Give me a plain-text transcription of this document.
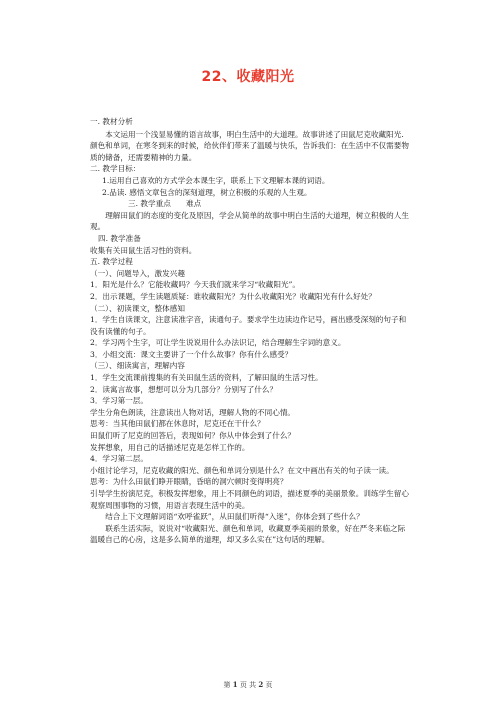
22、收藏阳光

一. 教材分析

本文运用一个浅显易懂的语言故事，明白生活中的大道理。故事讲述了田鼠尼克收藏阳光. 颜色和单词，在寒冬到来的时候，给伙伴们带来了温暖与快乐，告诉我们：在生活中不仅需要物质的储备，还需要精神的力量。

二. 教学目标：

1.运用自己喜欢的方式学会本课生字，联系上下文理解本课的词语。

2.品读. 感悟文章包含的深刻道理，树立积极的乐观的人生观。

三. 教学重点　　难点

理解田鼠们的态度的变化及原因，学会从简单的故事中明白生活的大道理，树立积极的人生观。

四. 教学准备

收集有关田鼠生活习性的资料。

五. 教学过程

（一）、问题导入，激发兴趣

1．阳光是什么？它能收藏吗？今天我们就来学习“收藏阳光”。

2．出示课题，学生读题质疑：谁收藏阳光？为什么收藏阳光？收藏阳光有什么好处？

（二）、初读课文，整体感知

1．学生自读课文，注意读准字音，读通句子。要求学生边读边作记号，画出感受深刻的句子和没有读懂的句子。

2．学习两个生字，可让学生说说用什么办法识记，结合理解生字词的意义。

3．小组交流：课文主要讲了一个什么故事？你有什么感受？

（三）、细读寓言，理解内容

1．学生交流课前搜集的有关田鼠生活的资料，了解田鼠的生活习性。

2．读寓言故事，想想可以分为几部分？分别写了什么？

3．学习第一层。

学生分角色朗读，注意读出人物对话，理解人物的不同心情。

思考：当其他田鼠们都在休息时，尼克还在干什么？

田鼠们听了尼克的回答后，表现如何？你从中体会到了什么？

发挥想象，用自己的话描述尼克是怎样工作的。

4．学习第二层。

小组讨论学习，尼克收藏的阳光、颜色和单词分别是什么？在文中画出有关的句子读一读。

思考：为什么田鼠们睁开眼睛，昏暗的洞穴顿时变得明亮？

引导学生扮演尼克，积极发挥想象，用上不同颜色的词语，描述夏季的美丽景象。训练学生留心观察周围事物的习惯，用语言表现生活中的美。

结合上下文理解词语“欢呼雀跃”，从田鼠们听得“入迷”，你体会到了些什么？

联系生活实际，说说对“收藏阳光、颜色和单词，收藏夏季美丽的景象，好在严冬来临之际温暖自己的心房，这是多么简单的道理，却又多么实在”这句话的理解。

第 1 页 共 2 页
